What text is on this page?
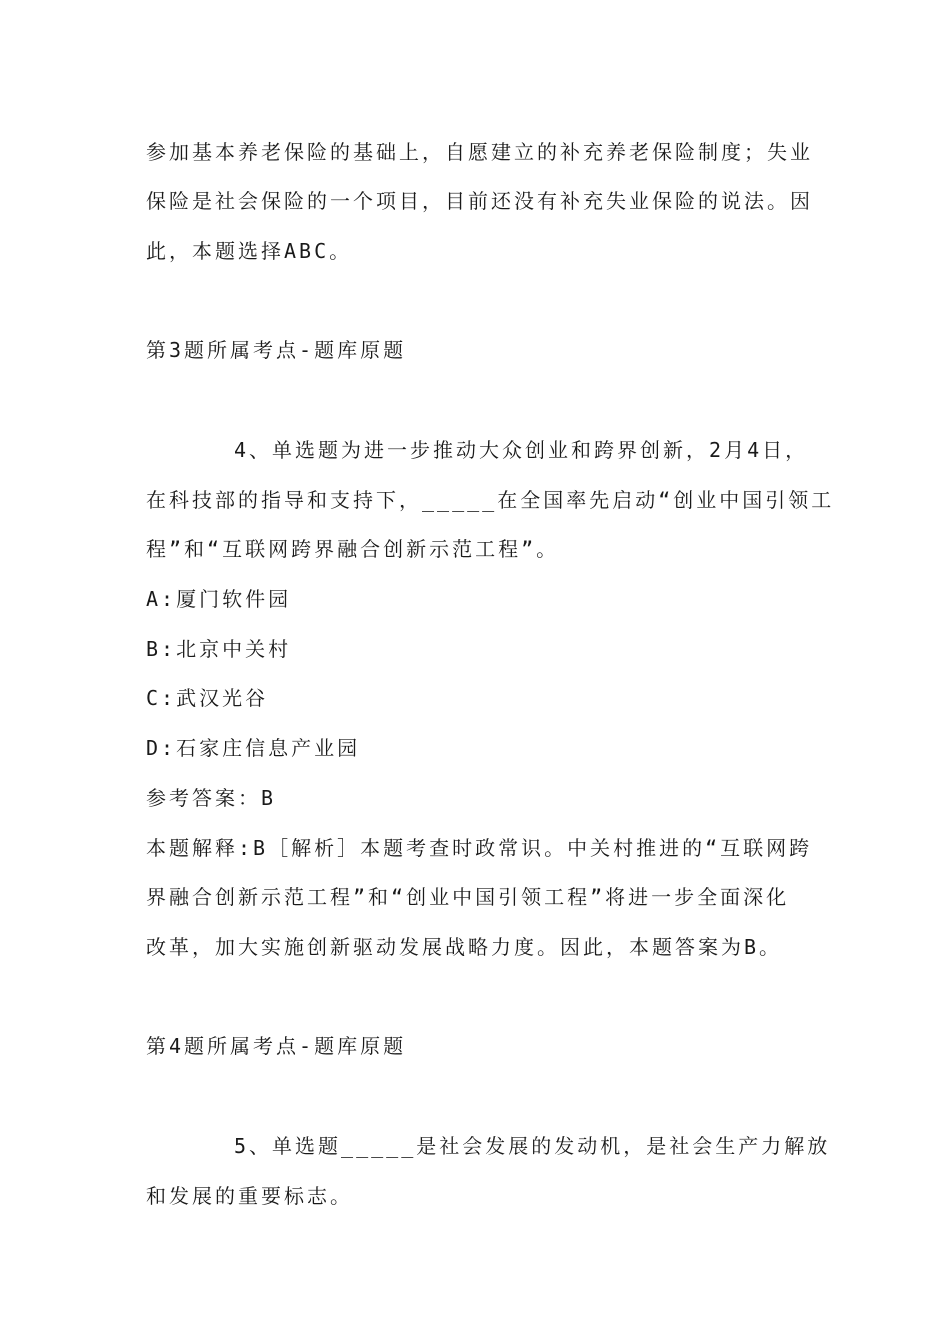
参加基本养老保险的基础上，自愿建立的补充养老保险制度；失业
保险是社会保险的一个项目，目前还没有补充失业保险的说法。因
此，本题选择ABC。
第3题所属考点-题库原题
4、单选题为进一步推动大众创业和跨界创新，2月4日，
在科技部的指导和支持下，_____在全国率先启动“创业中国引领工
程”和“互联网跨界融合创新示范工程”。
A:厦门软件园
B:北京中关村
C:武汉光谷
D:石家庄信息产业园
参考答案：B
本题解释:B［解析］本题考查时政常识。中关村推进的“互联网跨
界融合创新示范工程”和“创业中国引领工程”将进一步全面深化
改革，加大实施创新驱动发展战略力度。因此，本题答案为B。
第4题所属考点-题库原题
5、单选题_____是社会发展的发动机，是社会生产力解放
和发展的重要标志。
